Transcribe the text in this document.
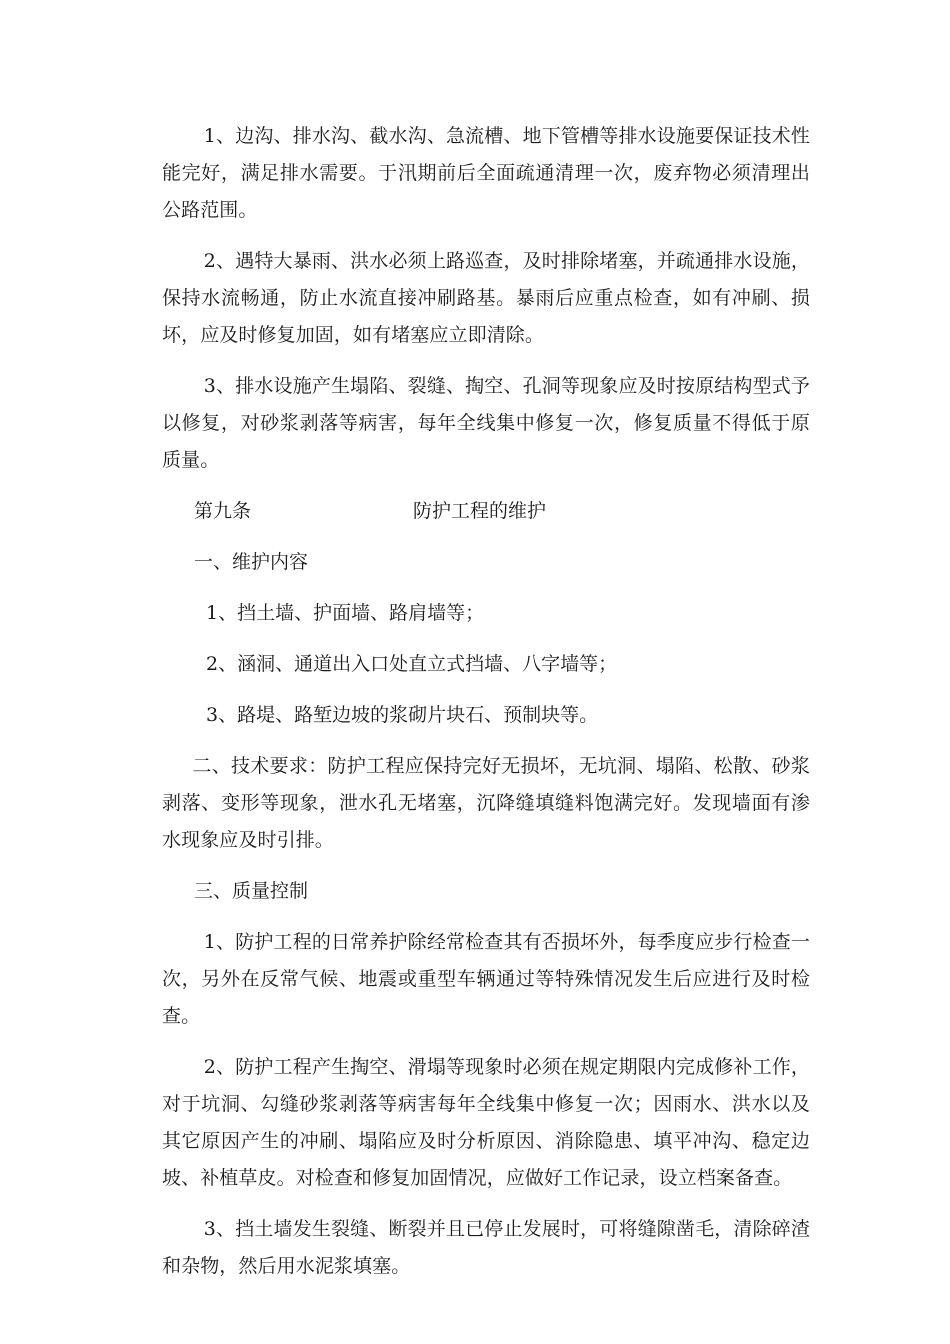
1、边沟、排水沟、截水沟、急流槽、地下管槽等排水设施要保证技术性能完好，满足排水需要。于汛期前后全面疏通清理一次，废弃物必须清理出公路范围。

2、遇特大暴雨、洪水必须上路巡查，及时排除堵塞，并疏通排水设施，保持水流畅通，防止水流直接冲刷路基。暴雨后应重点检查，如有冲刷、损坏，应及时修复加固，如有堵塞应立即清除。

3、排水设施产生塌陷、裂缝、掏空、孔洞等现象应及时按原结构型式予以修复，对砂浆剥落等病害，每年全线集中修复一次，修复质量不得低于原质量。

第九条	防护工程的维护
一、维护内容
1、挡土墙、护面墙、路肩墙等；
2、涵洞、通道出入口处直立式挡墙、八字墙等；
3、路堤、路堑边坡的浆砌片块石、预制块等。

二、技术要求：防护工程应保持完好无损坏，无坑洞、塌陷、松散、砂浆剥落、变形等现象，泄水孔无堵塞，沉降缝填缝料饱满完好。发现墙面有渗水现象应及时引排。

三、质量控制

1、防护工程的日常养护除经常检查其有否损坏外，每季度应步行检查一次，另外在反常气候、地震或重型车辆通过等特殊情况发生后应进行及时检查。

2、防护工程产生掏空、滑塌等现象时必须在规定期限内完成修补工作，对于坑洞、勾缝砂浆剥落等病害每年全线集中修复一次；因雨水、洪水以及其它原因产生的冲刷、塌陷应及时分析原因、消除隐患、填平冲沟、稳定边坡、补植草皮。对检查和修复加固情况，应做好工作记录，设立档案备查。

3、挡土墙发生裂缝、断裂并且已停止发展时，可将缝隙凿毛，清除碎渣和杂物，然后用水泥浆填塞。
